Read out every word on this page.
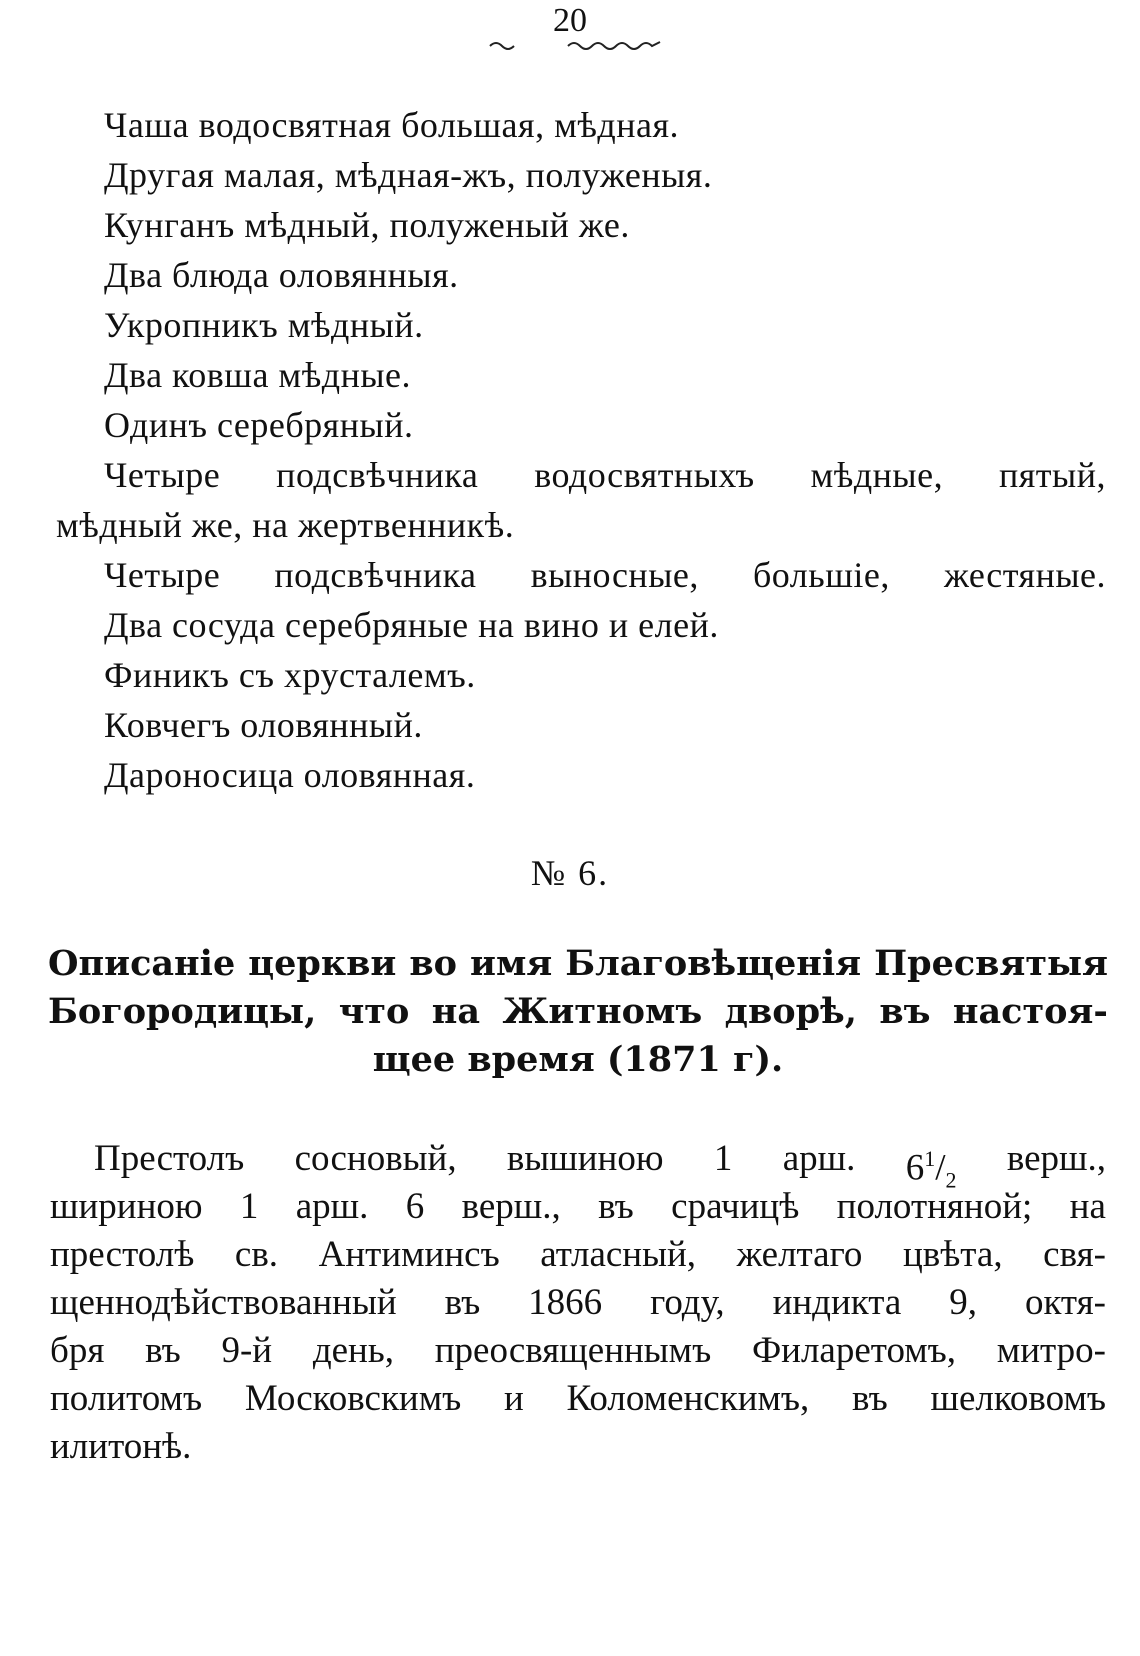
20
Чаша водосвятная большая, мѣдная.
Другая малая, мѣдная-жъ, полуженыя.
Кунганъ мѣдный, полуженый же.
Два блюда оловянныя.
Укропникъ мѣдный.
Два ковша мѣдные.
Одинъ серебряный.
Четыре подсвѣчника водосвятныхъ мѣдные, пятый,
мѣдный же, на жертвенникѣ.
Четыре подсвѣчника выносные, большіе, жестяные.
Два сосуда серебряные на вино и елей.
Финикъ съ хрусталемъ.
Ковчегъ оловянный.
Дароносица оловянная.
№ 6.
Описаніе церкви во имя Благовѣщенія Пресвятыя
Богородицы, что на Житномъ дворѣ, въ настоя-
щее время (1871 г).
Престолъ сосновый, вышиною 1 арш. $6^1/_2$
верш.,
шириною 1 арш. 6 верш., въ срачицѣ полотняной; на
престолѣ св. Антиминсъ атласный, желтаго цвѣта, свя-
щеннодѣйствованный въ 1866 году, индикта 9, октя-
бря въ 9-й день, преосвященнымъ Филаретомъ, митро-
политомъ Московскимъ и Коломенскимъ, въ шелковомъ
илитонѣ.
